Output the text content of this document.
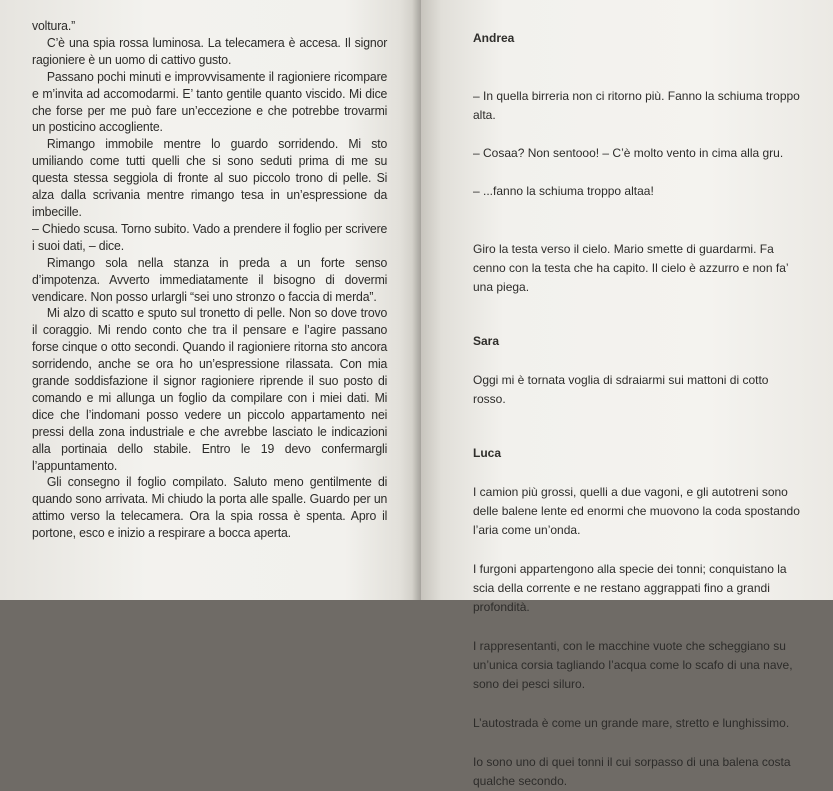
voltura.”

C’è una spia rossa luminosa. La telecamera è accesa. Il signor ragioniere è un uomo di cattivo gusto.

Passano pochi minuti e improvvisamente il ragioniere ricompare e m’invita ad accomodarmi. E’ tanto gentile quanto viscido. Mi dice che forse per me può fare un’eccezione e che potrebbe trovarmi un posticino accogliente.

Rimango immobile mentre lo guardo sorridendo. Mi sto umiliando come tutti quelli che si sono seduti prima di me su questa stessa seggiola di fronte al suo piccolo trono di pelle. Si alza dalla scrivania mentre rimango tesa in un’espressione da imbecille.

– Chiedo scusa. Torno subito. Vado a prendere il foglio per scrivere i suoi dati, – dice.

Rimango sola nella stanza in preda a un forte senso d’impotenza. Avverto immediatamente il bisogno di dovermi vendicare. Non posso urlargli “sei uno stronzo o faccia di merda”.

Mi alzo di scatto e sputo sul tronetto di pelle. Non so dove trovo il coraggio. Mi rendo conto che tra il pensare e l’agire passano forse cinque o otto secondi. Quando il ragioniere ritorna sto ancora sorridendo, anche se ora ho un’espressione rilassata. Con mia grande soddisfazione il signor ragioniere riprende il suo posto di comando e mi allunga un foglio da compilare con i miei dati. Mi dice che l’indomani posso vedere un piccolo appartamento nei pressi della zona industriale e che avrebbe lasciato le indicazioni alla portinaia dello stabile. Entro le 19 devo confermargli l’appuntamento.

Gli consegno il foglio compilato. Saluto meno gentilmente di quando sono arrivata. Mi chiudo la porta alle spalle. Guardo per un attimo verso la telecamera. Ora la spia rossa è spenta. Apro il portone, esco e inizio a respirare a bocca aperta.

Andrea

– In quella birreria non ci ritorno più. Fanno la schiuma troppo alta.

– Cosaa? Non sentooo! – C’è molto vento in cima alla gru.

– ...fanno la schiuma troppo altaa!

Giro la testa verso il cielo. Mario smette di guardarmi. Fa cenno con la testa che ha capito. Il cielo è azzurro e non fa’ una piega.
Sara
Oggi mi è tornata voglia di sdraiarmi sui mattoni di cotto rosso.
Luca
I camion più grossi, quelli a due vagoni, e gli autotreni sono delle balene lente ed enormi che muovono la coda spostando l’aria come un’onda.
I furgoni appartengono alla specie dei tonni; conquistano la scia della corrente e ne restano aggrappati fino a grandi profondità.
I rappresentanti, con le macchine vuote che scheggiano su un’unica corsia tagliando l’acqua come lo scafo di una nave, sono dei pesci siluro.
L’autostrada è come un grande mare, stretto e lunghissimo.
Io sono uno di quei tonni il cui sorpasso di una balena costa qualche secondo.
